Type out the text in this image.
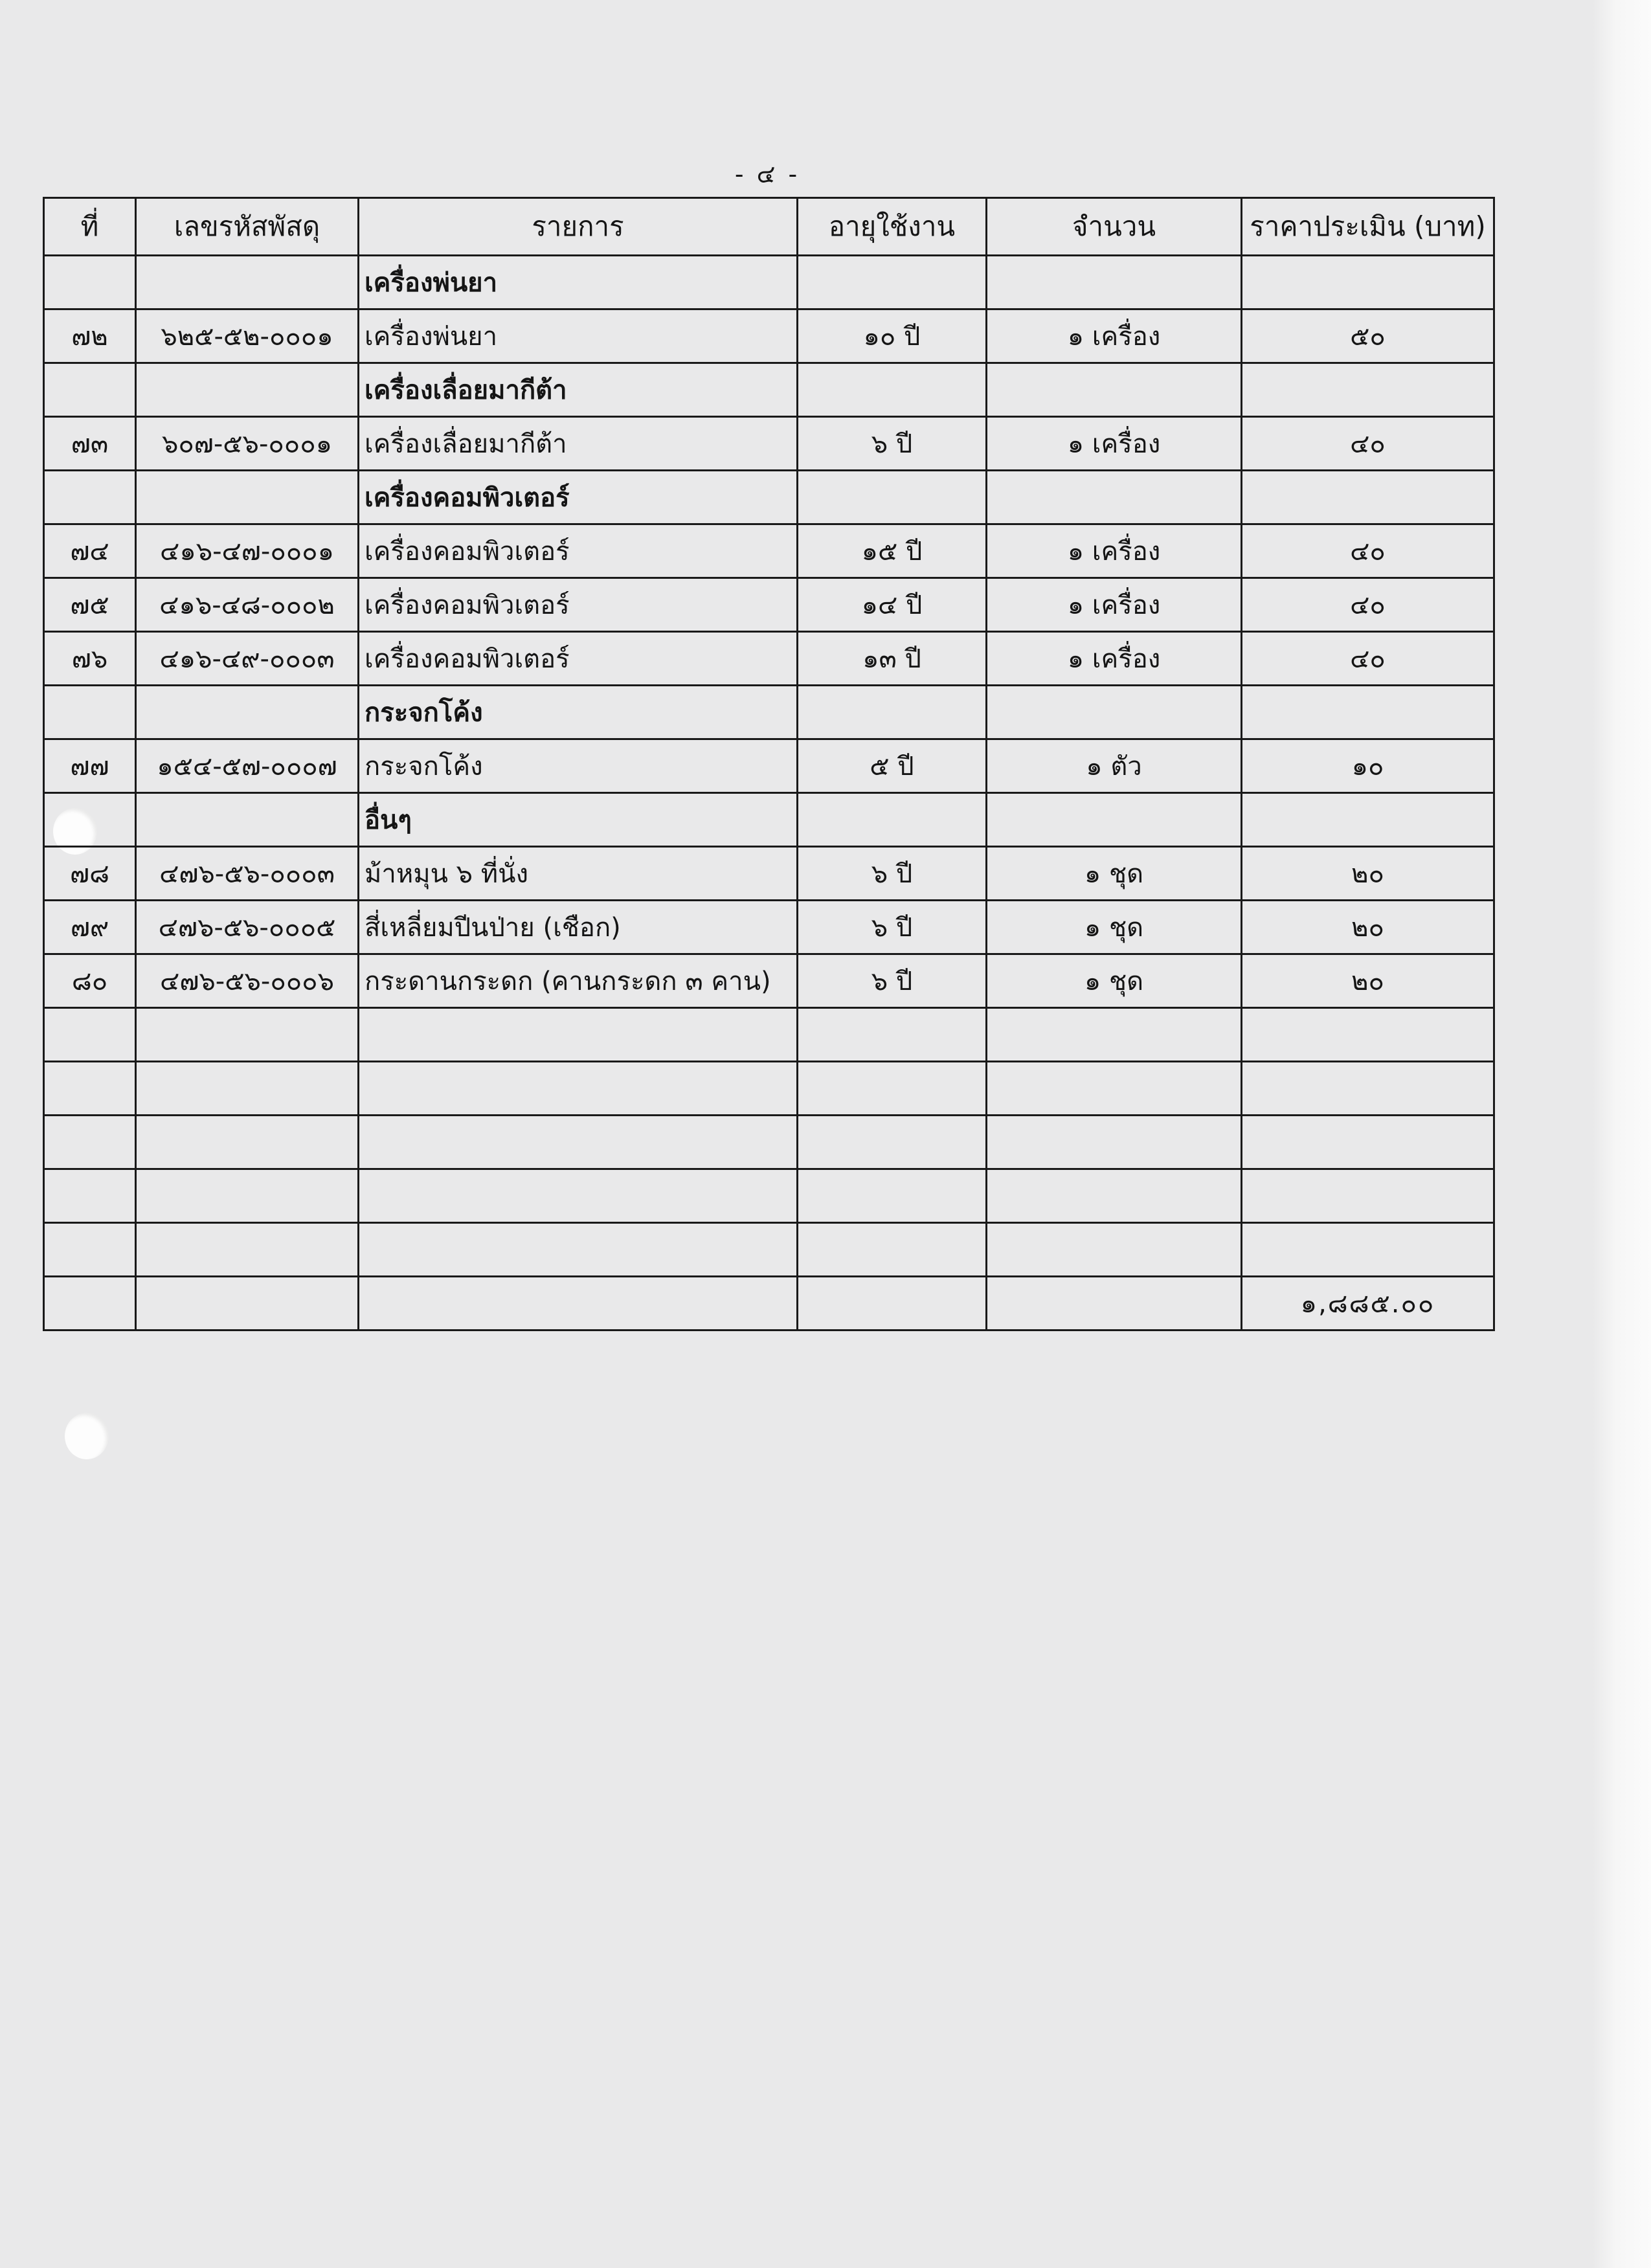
- ๔ -
ที่	เลขรหัสพัสดุ	รายการ	อายุใช้งาน	จำนวน	ราคาประเมิน (บาท)
		เครื่องพ่นยา			
๗๒	๖๒๕-๕๒-๐๐๐๑	เครื่องพ่นยา	๑๐ ปี	๑ เครื่อง	๕๐
		เครื่องเลื่อยมากีต้า			
๗๓	๖๐๗-๕๖-๐๐๐๑	เครื่องเลื่อยมากีต้า	๖ ปี	๑ เครื่อง	๔๐
		เครื่องคอมพิวเตอร์			
๗๔	๔๑๖-๔๗-๐๐๐๑	เครื่องคอมพิวเตอร์	๑๕ ปี	๑ เครื่อง	๔๐
๗๕	๔๑๖-๔๘-๐๐๐๒	เครื่องคอมพิวเตอร์	๑๔ ปี	๑ เครื่อง	๔๐
๗๖	๔๑๖-๔๙-๐๐๐๓	เครื่องคอมพิวเตอร์	๑๓ ปี	๑ เครื่อง	๔๐
		กระจกโค้ง			
๗๗	๑๕๔-๕๗-๐๐๐๗	กระจกโค้ง	๕ ปี	๑ ตัว	๑๐
		อื่นๆ			
๗๘	๔๗๖-๕๖-๐๐๐๓	ม้าหมุน ๖ ที่นั่ง	๖ ปี	๑ ชุด	๒๐
๗๙	๔๗๖-๕๖-๐๐๐๕	สี่เหลี่ยมปีนป่าย (เชือก)	๖ ปี	๑ ชุด	๒๐
๘๐	๔๗๖-๕๖-๐๐๐๖	กระดานกระดก (คานกระดก ๓ คาน)	๖ ปี	๑ ชุด	๒๐

					๑,๘๘๕.๐๐
